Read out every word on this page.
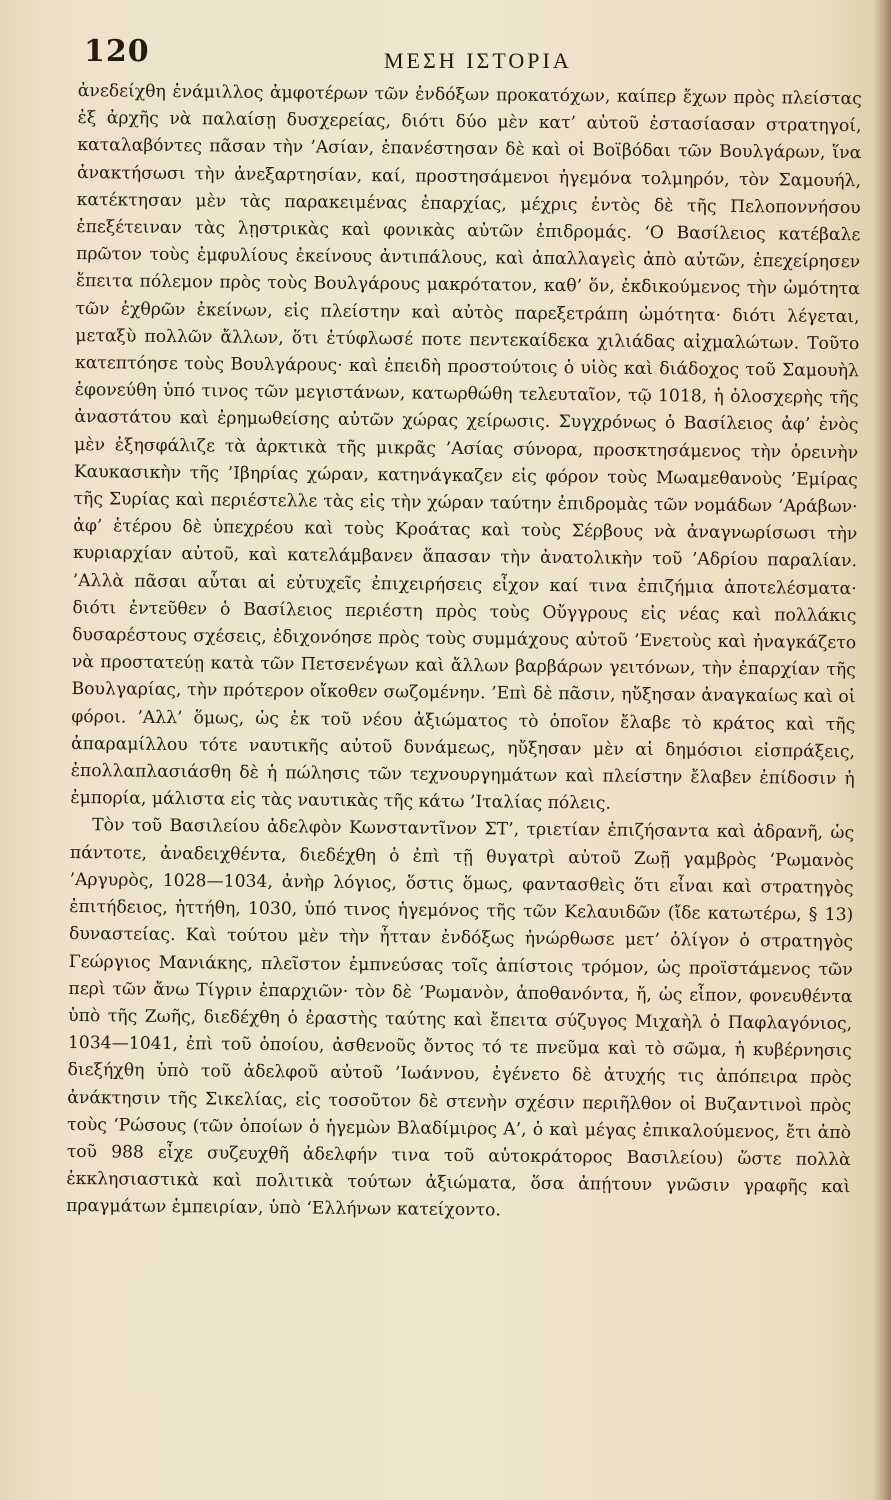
120	ΜΕΣΗ ΙΣΤΟΡΙΑ

ἀνεδείχθη ἐνάμιλλος ἀμφοτέρων τῶν ἐνδόξων προκατόχων, καίπερ ἔχων πρὸς πλείστας ἐξ ἀρχῆς νὰ παλαίσῃ δυσχερείας, διότι δύο μὲν κατ’ αὐτοῦ ἐστασίασαν στρατηγοί, καταλαβόντες πᾶσαν τὴν ’Ασίαν, ἐπανέστησαν δὲ καὶ οἱ Βοϊβόδαι τῶν Βουλγάρων, ἵνα ἀνακτήσωσι τὴν ἀνεξαρτησίαν, καί, προστησάμενοι ἡγεμόνα τολμηρόν, τὸν Σαμουήλ, κατέκτησαν μὲν τὰς παρακειμένας ἐπαρχίας, μέχρις ἐντὸς δὲ τῆς Πελοποννήσου ἐπεξέτειναν τὰς λῃστρικὰς καὶ φονικὰς αὐτῶν ἐπιδρομάς. ‘Ο Βασίλειος κατέβαλε πρῶτον τοὺς ἐμφυλίους ἐκείνους ἀντιπάλους, καὶ ἀπαλλαγεὶς ἀπὸ αὐτῶν, ἐπεχείρησεν ἔπειτα πόλεμον πρὸς τοὺς Βουλγάρους μακρότατον, καθ’ ὅν, ἐκδικούμενος τὴν ὠμότητα τῶν ἐχθρῶν ἐκείνων, εἰς πλείστην καὶ αὐτὸς παρεξετράπη ὠμότητα· διότι λέγεται, μεταξὺ πολλῶν ἄλλων, ὅτι ἐτύφλωσέ ποτε πεντεκαίδεκα χιλιάδας αἰχμαλώτων. Τοῦτο κατεπτόησε τοὺς Βουλγάρους· καὶ ἐπειδὴ προστούτοις ὁ υἱὸς καὶ διάδοχος τοῦ Σαμουὴλ ἐφονεύθη ὑπό τινος τῶν μεγιστάνων, κατωρθώθη τελευταῖον, τῷ 1018, ἡ ὁλοσχερὴς τῆς ἀναστάτου καὶ ἐρημωθείσης αὐτῶν χώρας χείρωσις. Συγχρόνως ὁ Βασίλειος ἀφ’ ἑνὸς μὲν ἐξησφάλιζε τὰ ἀρκτικὰ τῆς μικρᾶς ’Ασίας σύνορα, προσκτησάμενος τὴν ὀρεινὴν Καυκασικὴν τῆς ’Ιβηρίας χώραν, κατηνάγκαζεν εἰς φόρον τοὺς Μωαμεθανοὺς ’Εμίρας τῆς Συρίας καὶ περιέστελλε τὰς εἰς τὴν χώραν ταύτην ἐπιδρομὰς τῶν νομάδων ’Αράβων· ἀφ’ ἑτέρου δὲ ὑπεχρέου καὶ τοὺς Κροάτας καὶ τοὺς Σέρβους νὰ ἀναγνωρίσωσι τὴν κυριαρχίαν αὐτοῦ, καὶ κατελάμβανεν ἅπασαν τὴν ἀνατολικὴν τοῦ ’Αδρίου παραλίαν. ’Αλλὰ πᾶσαι αὗται αἱ εὐτυχεῖς ἐπιχειρήσεις εἶχον καί τινα ἐπιζήμια ἀποτελέσματα· διότι ἐντεῦθεν ὁ Βασίλειος περιέστη πρὸς τοὺς Οὔγγρους εἰς νέας καὶ πολλάκις δυσαρέστους σχέσεις, ἐδιχονόησε πρὸς τοὺς συμμάχους αὐτοῦ ’Ενετοὺς καὶ ἠναγκάζετο νὰ προστατεύῃ κατὰ τῶν Πετσενέγων καὶ ἄλλων βαρβάρων γειτόνων, τὴν ἐπαρχίαν τῆς Βουλγαρίας, τὴν πρότερον οἴκοθεν σωζομένην. ’Επὶ δὲ πᾶσιν, ηὔξησαν ἀναγκαίως καὶ οἱ φόροι. ’Αλλ’ ὅμως, ὡς ἐκ τοῦ νέου ἀξιώματος τὸ ὁποῖον ἔλαβε τὸ κράτος καὶ τῆς ἀπαραμίλλου τότε ναυτικῆς αὐτοῦ δυνάμεως, ηὔξησαν μὲν αἱ δημόσιοι εἰσπράξεις, ἐπολλαπλασιάσθη δὲ ἡ πώλησις τῶν τεχνουργημάτων καὶ πλείστην ἔλαβεν ἐπίδοσιν ἡ ἐμπορία, μάλιστα εἰς τὰς ναυτικὰς τῆς κάτω ’Ιταλίας πόλεις.

Τὸν τοῦ Βασιλείου ἀδελφὸν Κωνσταντῖνον ΣΤ’, τριετίαν ἐπιζήσαντα καὶ ἀδρανῆ, ὡς πάντοτε, ἀναδειχθέντα, διεδέχθη ὁ ἐπὶ τῇ θυγατρὶ αὐτοῦ Ζωῇ γαμβρὸς ‘Ρωμανὸς ’Αργυρὸς, 1028—1034, ἀνὴρ λόγιος, ὅστις ὅμως, φαντασθεὶς ὅτι εἶναι καὶ στρατηγὸς ἐπιτήδειος, ἡττήθη, 1030, ὑπό τινος ἡγεμόνος τῆς τῶν Κελαυιδῶν (ἴδε κατωτέρω, § 13) δυναστείας. Καὶ τούτου μὲν τὴν ἧτταν ἐνδόξως ἠνώρθωσε μετ’ ὀλίγον ὁ στρατηγὸς Γεώργιος Μανιάκης, πλεῖστον ἐμπνεύσας τοῖς ἀπίστοις τρόμον, ὡς προϊστάμενος τῶν περὶ τῶν ἄνω Τίγριν ἐπαρχιῶν· τὸν δὲ ‘Ρωμανὸν, ἀποθανόντα, ἤ, ὡς εἶπον, φονευθέντα ὑπὸ τῆς Ζωῆς, διεδέχθη ὁ ἐραστὴς ταύτης καὶ ἔπειτα σύζυγος Μιχαὴλ ὁ Παφλαγόνιος, 1034—1041, ἐπὶ τοῦ ὁποίου, ἀσθενοῦς ὄντος τό τε πνεῦμα καὶ τὸ σῶμα, ἡ κυβέρνησις διεξήχθη ὑπὸ τοῦ ἀδελφοῦ αὐτοῦ ’Ιωάννου, ἐγένετο δὲ ἀτυχής τις ἀπόπειρα πρὸς ἀνάκτησιν τῆς Σικελίας, εἰς τοσοῦτον δὲ στενὴν σχέσιν περιῆλθον οἱ Βυζαντινοὶ πρὸς τοὺς ‘Ρώσους (τῶν ὁποίων ὁ ἡγεμὼν Βλαδίμιρος Α’, ὁ καὶ μέγας ἐπικαλούμενος, ἔτι ἀπὸ τοῦ 988 εἶχε συζευχθῆ ἀδελφήν τινα τοῦ αὐτοκράτορος Βασιλείου) ὥστε πολλὰ ἐκκλησιαστικὰ καὶ πολιτικὰ τούτων ἀξιώματα, ὅσα ἀπῄτουν γνῶσιν γραφῆς καὶ πραγμάτων ἐμπειρίαν, ὑπὸ ‘Ελλήνων κατείχοντο.
